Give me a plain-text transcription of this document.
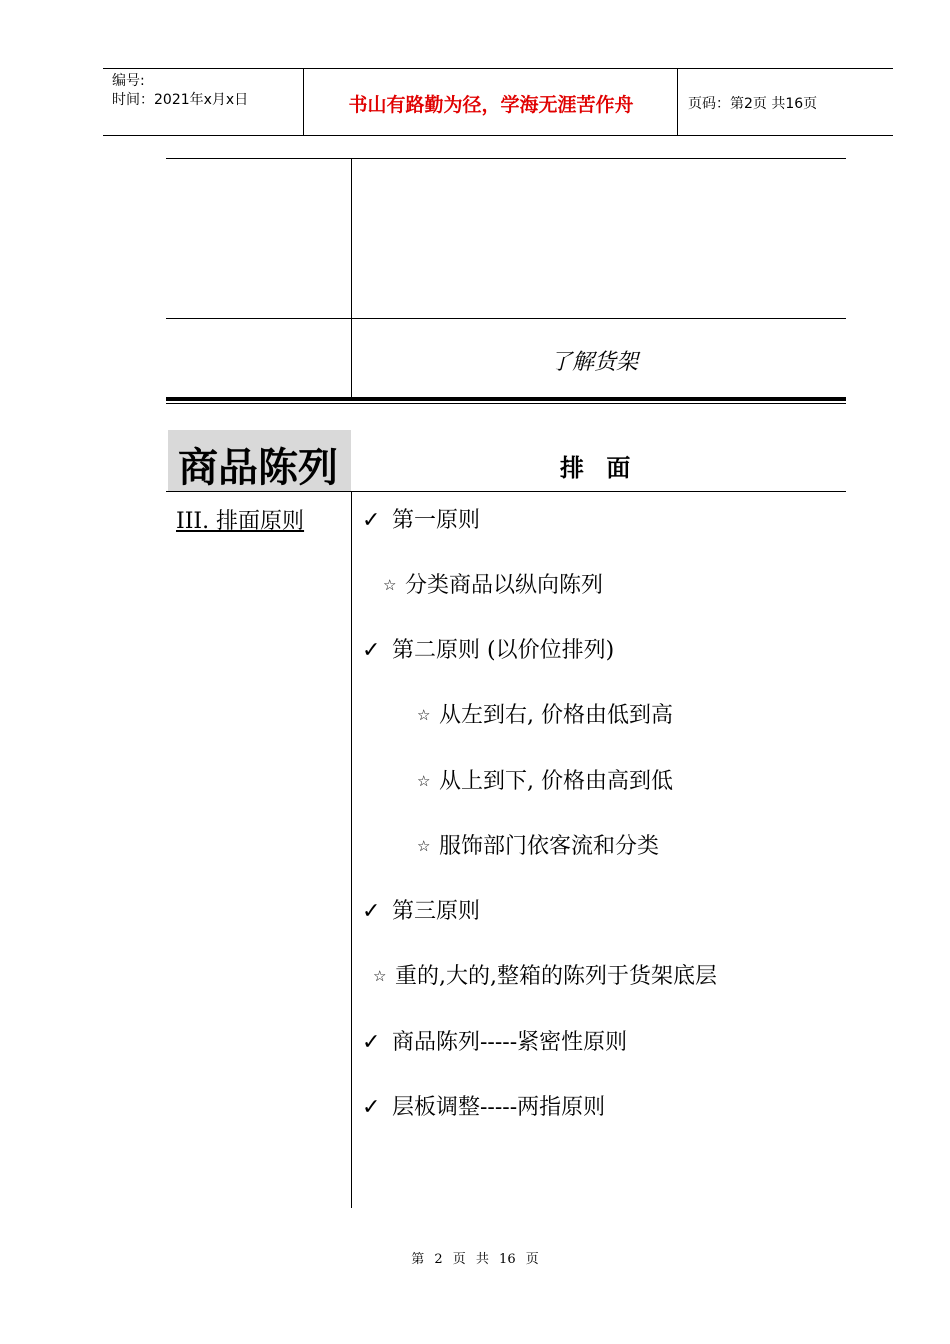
编号:
时间：2021年x月x日	书山有路勤为径，学海无涯苦作舟	页码：第2页 共16页
了解货架
商品陈列	排 面
III. 排面原则	✓ 第一原则
☆ 分类商品以纵向陈列
✓ 第二原则 (以价位排列)
☆ 从左到右, 价格由低到高
☆ 从上到下, 价格由高到低
☆ 服饰部门依客流和分类
✓ 第三原则
☆ 重的,大的,整箱的陈列于货架底层
✓ 商品陈列-----紧密性原则
✓ 层板调整-----两指原则
第 2 页 共 16 页
